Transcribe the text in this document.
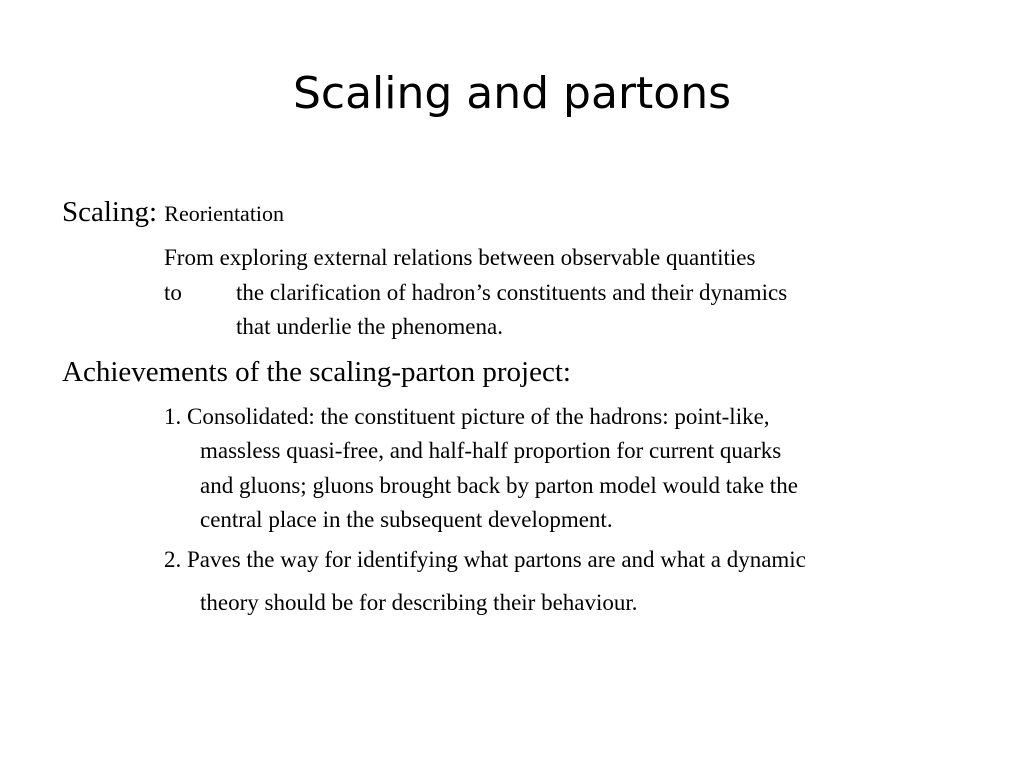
Scaling and partons
Scaling: Reorientation
From exploring external relations between observable quantities
to the clarification of hadron’s constituents and their dynamics
that underlie the phenomena.
Achievements of the scaling-parton project:
1. Consolidated: the constituent picture of the hadrons: point-like,
massless quasi-free, and half-half proportion for current quarks
and gluons; gluons brought back by parton model would take the
central place in the subsequent development.
2. Paves the way for identifying what partons are and what a dynamic
theory should be for describing their behaviour.
